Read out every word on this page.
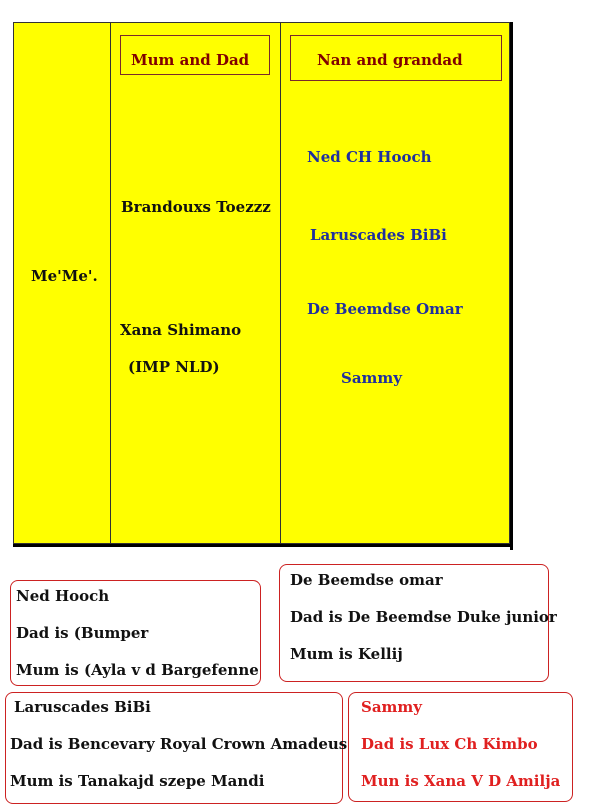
Mum and Dad	Nan and grandad
Me'Me'.
Brandouxs Toezzz
Xana Shimano
(IMP NLD)
Ned CH Hooch
Laruscades BiBi
De Beemdse Omar
Sammy
Ned Hooch
Dad is (Bumper
Mum is (Ayla v d Bargefenne
De Beemdse omar
Dad is De Beemdse Duke junior
Mum is Kellij
Laruscades BiBi
Dad is Bencevary Royal Crown Amadeus
Mum is Tanakajd szepe Mandi
Sammy
Dad is Lux Ch Kimbo
Mun is Xana V D Amilja
